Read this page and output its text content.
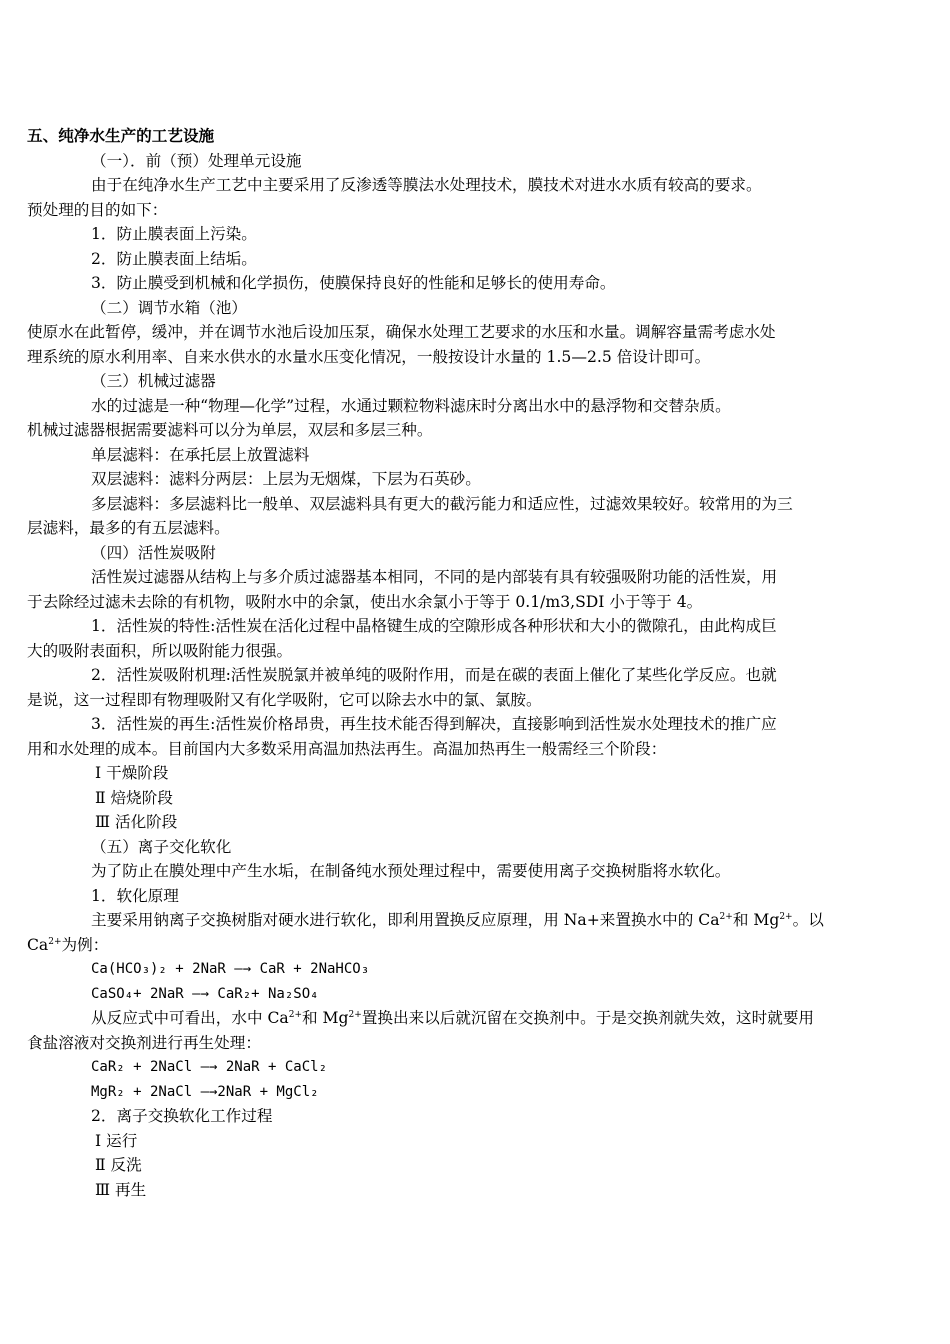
五、纯净水生产的工艺设施
（一）．前（预）处理单元设施
由于在纯净水生产工艺中主要采用了反渗透等膜法水处理技术，膜技术对进水水质有较高的要求。
预处理的目的如下：
1．防止膜表面上污染。
2．防止膜表面上结垢。
3．防止膜受到机械和化学损伤，使膜保持良好的性能和足够长的使用寿命。
（二）调节水箱（池）
使原水在此暂停，缓冲，并在调节水池后设加压泵，确保水处理工艺要求的水压和水量。调解容量需考虑水处
理系统的原水利用率、自来水供水的水量水压变化情况，一般按设计水量的 1.5—2.5 倍设计即可。
（三）机械过滤器
水的过滤是一种“物理—化学”过程，水通过颗粒物料滤床时分离出水中的悬浮物和交替杂质。
机械过滤器根据需要滤料可以分为单层，双层和多层三种。
单层滤料：在承托层上放置滤料
双层滤料：滤料分两层：上层为无烟煤，下层为石英砂。
多层滤料：多层滤料比一般单、双层滤料具有更大的截污能力和适应性，过滤效果较好。较常用的为三
层滤料，最多的有五层滤料。
（四）活性炭吸附
活性炭过滤器从结构上与多介质过滤器基本相同，不同的是内部装有具有较强吸附功能的活性炭，用
于去除经过滤未去除的有机物，吸附水中的余氯，使出水余氯小于等于 0.1/m3,SDI 小于等于 4。
1．活性炭的特性:活性炭在活化过程中晶格键生成的空隙形成各种形状和大小的微隙孔，由此构成巨
大的吸附表面积，所以吸附能力很强。
2．活性炭吸附机理:活性炭脱氯并被单纯的吸附作用，而是在碳的表面上催化了某些化学反应。也就
是说，这一过程即有物理吸附又有化学吸附，它可以除去水中的氯、氯胺。
3．活性炭的再生:活性炭价格昂贵，再生技术能否得到解决，直接影响到活性炭水处理技术的推广应
用和水处理的成本。目前国内大多数采用高温加热法再生。高温加热再生一般需经三个阶段：
Ⅰ 干燥阶段
Ⅱ 焙烧阶段
Ⅲ 活化阶段
（五）离子交化软化
为了防止在膜处理中产生水垢，在制备纯水预处理过程中，需要使用离子交换树脂将水软化。
1．软化原理
主要采用钠离子交换树脂对硬水进行软化，即利用置换反应原理，用 Na+来置换水中的 $Ca^{2+}$和 $Mg^{2+}$。以
$Ca^{2+}$为例：
Ca(HCO₃)₂ + 2NaR —→ CaR + 2NaHCO₃
CaSO₄+ 2NaR —→ CaR₂+ Na₂SO₄
从反应式中可看出，水中 $Ca^{2+}$和 $Mg^{2+}$置换出来以后就沉留在交换剂中。于是交换剂就失效，这时就要用
食盐溶液对交换剂进行再生处理：
CaR₂ + 2NaCl —→ 2NaR + CaCl₂
MgR₂ + 2NaCl —→2NaR + MgCl₂
2．离子交换软化工作过程
Ⅰ 运行
Ⅱ 反洗
Ⅲ 再生
